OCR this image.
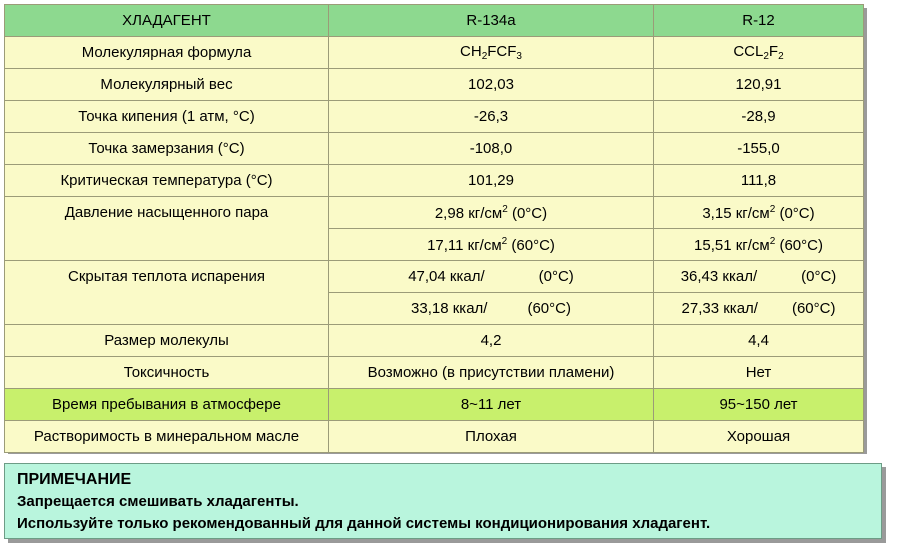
ХЛАДАГЕНТ	R-134a	R-12
Молекулярная формула	$CH_2FCF_3$	$CCL_2F_2$
Молекулярный вес	102,03	120,91
Точка кипения (1 атм, °C)	-26,3	-28,9
Точка замерзания (°C)	-108,0	-155,0
Критическая температура (°C)	101,29	111,8
Давление насыщенного пара	2,98 $кг/см^2$ (0°C)	3,15 $кг/см^2$ (0°C)
	17,11 $кг/см^2$ (60°C)	15,51 $кг/см^2$ (60°C)
Скрытая теплота испарения	47,04 ккал/ (0°C)	36,43 ккал/ (0°C)
	33,18 ккал/ (60°C)	27,33 ккал/ (60°C)
Размер молекулы	4,2	4,4
Токсичность	Возможно (в присутствии пламени)	Нет
Время пребывания в атмосфере	8~11 лет	95~150 лет
Растворимость в минеральном масле	Плохая	Хорошая
ПРИМЕЧАНИЕ
Запрещается смешивать хладагенты.
Используйте только рекомендованный для данной системы кондиционирования хладагент.
